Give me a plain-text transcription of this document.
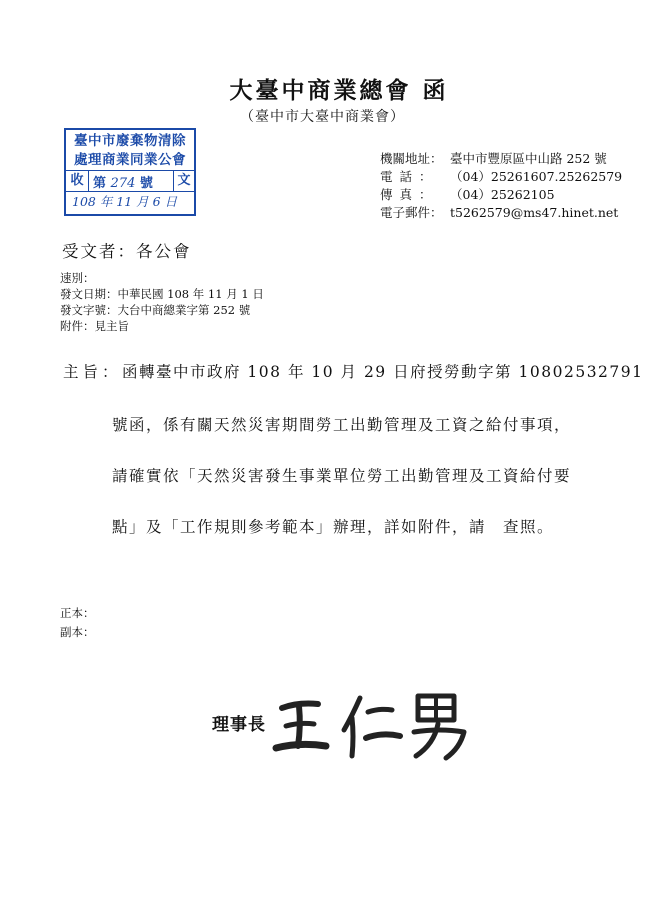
大臺中商業總會 函
（臺中市大臺中商業會）
臺中市廢棄物清除
處理商業同業公會
收 第 274 號	文
108 年 11 月 6 日
機關地址： 臺中市豐原區中山路 252 號
電話： （04）25261607.25262579
傳真： （04）25262105
電子郵件： t5262579@ms47.hinet.net
受文者：各公會
速別：
發文日期：中華民國 108 年 11 月 1 日
發文字號：大台中商總業字第 252 號
附件：見主旨
主旨： 函轉臺中市政府 108 年 10 月 29 日府授勞動字第 10802532791
號函，係有關天然災害期間勞工出勤管理及工資之給付事項，
請確實依「天然災害發生事業單位勞工出勤管理及工資給付要
點」及「工作規則參考範本」辦理，詳如附件，請　查照。
正本：
副本：
理事長
